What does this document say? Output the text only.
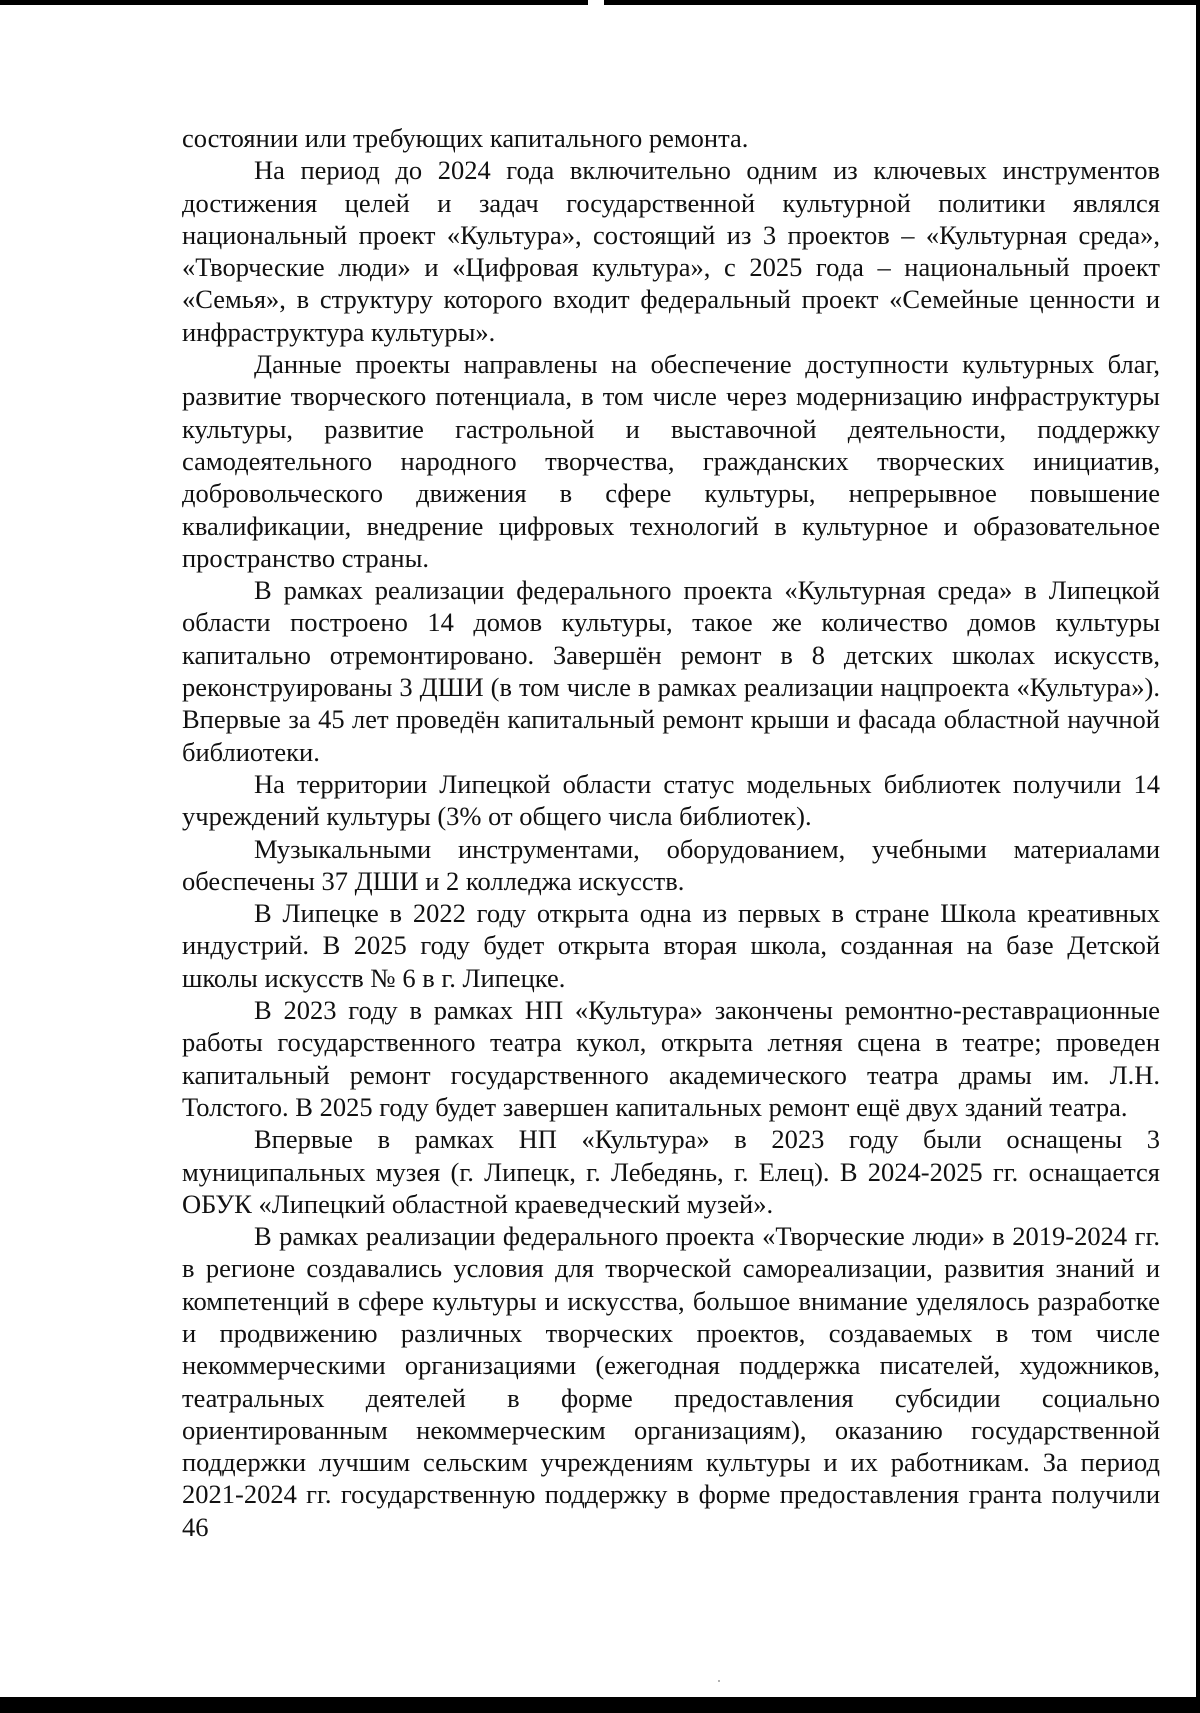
состоянии или требующих капитального ремонта.

На период до 2024 года включительно одним из ключевых инструментов достижения целей и задач государственной культурной политики являлся национальный проект «Культура», состоящий из 3 проектов – «Культурная среда», «Творческие люди» и «Цифровая культура», с 2025 года – национальный проект «Семья», в структуру которого входит федеральный проект «Семейные ценности и инфраструктура культуры».

Данные проекты направлены на обеспечение доступности культурных благ, развитие творческого потенциала, в том числе через модернизацию инфраструктуры культуры, развитие гастрольной и выставочной деятельности, поддержку самодеятельного народного творчества, гражданских творческих инициатив, добровольческого движения в сфере культуры, непрерывное повышение квалификации, внедрение цифровых технологий в культурное и образовательное пространство страны.

В рамках реализации федерального проекта «Культурная среда» в Липецкой области построено 14 домов культуры, такое же количество домов культуры капитально отремонтировано. Завершён ремонт в 8 детских школах искусств, реконструированы 3 ДШИ (в том числе в рамках реализации нацпроекта «Культура»). Впервые за 45 лет проведён капитальный ремонт крыши и фасада областной научной библиотеки.

На территории Липецкой области статус модельных библиотек получили 14 учреждений культуры (3% от общего числа библиотек).

Музыкальными инструментами, оборудованием, учебными материалами обеспечены 37 ДШИ и 2 колледжа искусств.

В Липецке в 2022 году открыта одна из первых в стране Школа креативных индустрий. В 2025 году будет открыта вторая школа, созданная на базе Детской школы искусств № 6 в г. Липецке.

В 2023 году в рамках НП «Культура» закончены ремонтно-реставрационные работы государственного театра кукол, открыта летняя сцена в театре; проведен капитальный ремонт государственного академического театра драмы им. Л.Н. Толстого. В 2025 году будет завершен капитальных ремонт ещё двух зданий театра.

Впервые в рамках НП «Культура» в 2023 году были оснащены 3 муниципальных музея (г. Липецк, г. Лебедянь, г. Елец). В 2024-2025 гг. оснащается ОБУК «Липецкий областной краеведческий музей».

В рамках реализации федерального проекта «Творческие люди» в 2019-2024 гг. в регионе создавались условия для творческой самореализации, развития знаний и компетенций в сфере культуры и искусства, большое внимание уделялось разработке и продвижению различных творческих проектов, создаваемых в том числе некоммерческими организациями (ежегодная поддержка писателей, художников, театральных деятелей в форме предоставления субсидии социально ориентированным некоммерческим организациям), оказанию государственной поддержки лучшим сельским учреждениям культуры и их работникам. За период 2021-2024 гг. государственную поддержку в форме предоставления гранта получили 46
